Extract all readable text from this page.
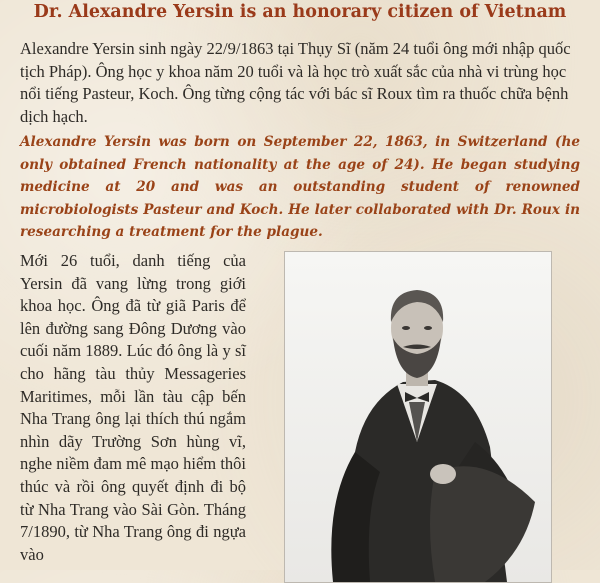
Dr. Alexandre Yersin is an honorary citizen of Vietnam

Alexandre Yersin sinh ngày 22/9/1863 tại Thụy Sĩ (năm 24 tuổi ông mới nhập quốc tịch Pháp). Ông học y khoa năm 20 tuổi và là học trò xuất sắc của nhà vi trùng học nổi tiếng Pasteur, Koch. Ông từng cộng tác với bác sĩ Roux tìm ra thuốc chữa bệnh dịch hạch.

Alexandre Yersin was born on September 22, 1863, in Switzerland (he only obtained French nationality at the age of 24). He began studying medicine at 20 and was an outstanding student of renowned microbiologists Pasteur and Koch. He later collaborated with Dr. Roux in researching a treatment for the plague.

Mới 26 tuổi, danh tiếng của Yersin đã vang lừng trong giới khoa học. Ông đã từ giã Paris để lên đường sang Đông Dương vào cuối năm 1889. Lúc đó ông là y sĩ cho hãng tàu thủy Messageries Maritimes, mỗi lần tàu cập bến Nha Trang ông lại thích thú ngắm nhìn dãy Trường Sơn hùng vĩ, nghe niềm đam mê mạo hiểm thôi thúc và rồi ông quyết định đi bộ từ Nha Trang vào Sài Gòn. Tháng 7/1890, từ Nha Trang ông đi ngựa vào
